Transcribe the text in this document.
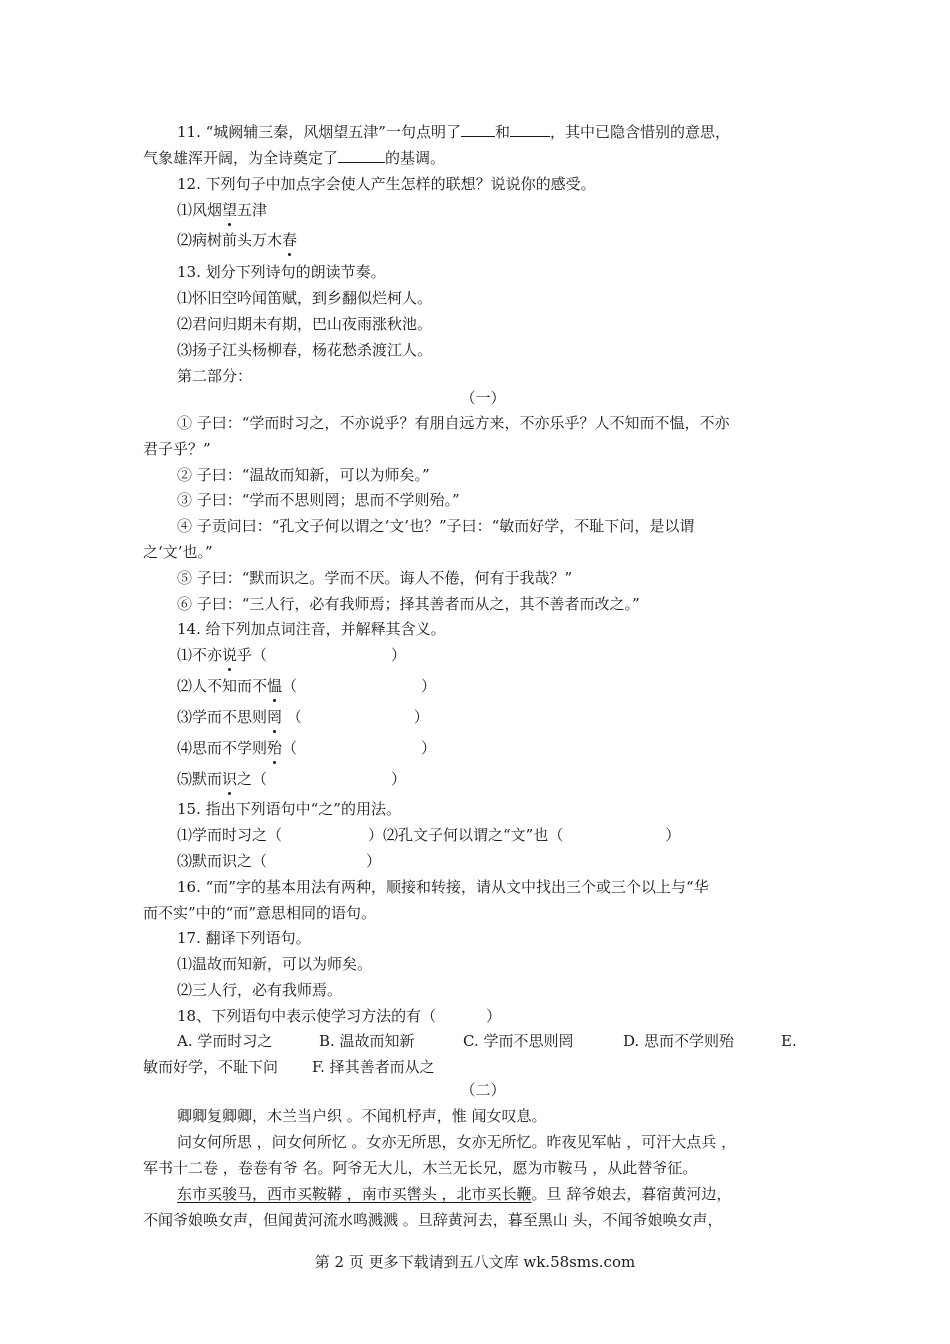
11. “城阙辅三秦，风烟望五津”一句点明了 和	，其中已隐含惜别的意思，
气象雄浑开阔，为全诗奠定了	的基调。
12. 下列句子中加点字会使人产生怎样的联想？说说你的感受。
⑴风烟望五津
⑵病树前头万木春
13. 划分下列诗句的朗读节奏。
⑴怀旧空吟闻笛赋，到乡翻似烂柯人。
⑵君问归期未有期，巴山夜雨涨秋池。
⑶扬子江头杨柳春，杨花愁杀渡江人。
第二部分：
（一）
① 子曰：“学而时习之，不亦说乎？有朋自远方来，不亦乐乎？人不知而不愠，不亦
君子乎？”
② 子曰：“温故而知新，可以为师矣。”
③ 子曰：“学而不思则罔；思而不学则殆。”
④ 子贡问曰：“孔文子何以谓之‘文’也？”子曰：“敏而好学，不耻下问，是以谓
之‘文’也。”
⑤ 子曰：“默而识之。学而不厌。诲人不倦，何有于我哉？”
⑥ 子曰：“三人行，必有我师焉；择其善者而从之，其不善者而改之。”
14. 给下列加点词注音，并解释其含义。
⑴不亦说乎（	）
⑵人不知而不愠（	）
⑶学而不思则罔 （	）
⑷思而不学则殆（	）
⑸默而识之（	）
15. 指出下列语句中“之”的用法。
⑴学而时习之（	）⑵孔文子何以谓之“文”也（	）
⑶默而识之（	）
16. “而”字的基本用法有两种，顺接和转接，请从文中找出三个或三个以上与“华
而不实”中的“而”意思相同的语句。
17. 翻译下列语句。
⑴温故而知新，可以为师矣。
⑵三人行，必有我师焉。
18、下列语句中表示使学习方法的有（	）
A. 学而时习之	B. 温故而知新	C. 学而不思则罔	D. 思而不学则殆	E.
敏而好学，不耻下问 F. 择其善者而从之
（二）
卿卿复卿卿，木兰当户织 。不闻机杼声，惟 闻女叹息。
问女何所思 ，问女何所忆 。女亦无所思，女亦无所忆。昨夜见军帖 ，可汗大点兵 ，
军书十二卷 ，卷卷有爷 名。阿爷无大儿，木兰无长兄，愿为市鞍马 ，从此替爷征。
东市买骏马，西市买鞍鞯 ，南市买辔头 ，北市买长鞭。旦 辞爷娘去，暮宿黄河边，
不闻爷娘唤女声，但闻黄河流水鸣溅溅 。旦辞黄河去，暮至黑山 头，不闻爷娘唤女声，
第 2 页 更多下载请到五八文库 wk.58sms.com
